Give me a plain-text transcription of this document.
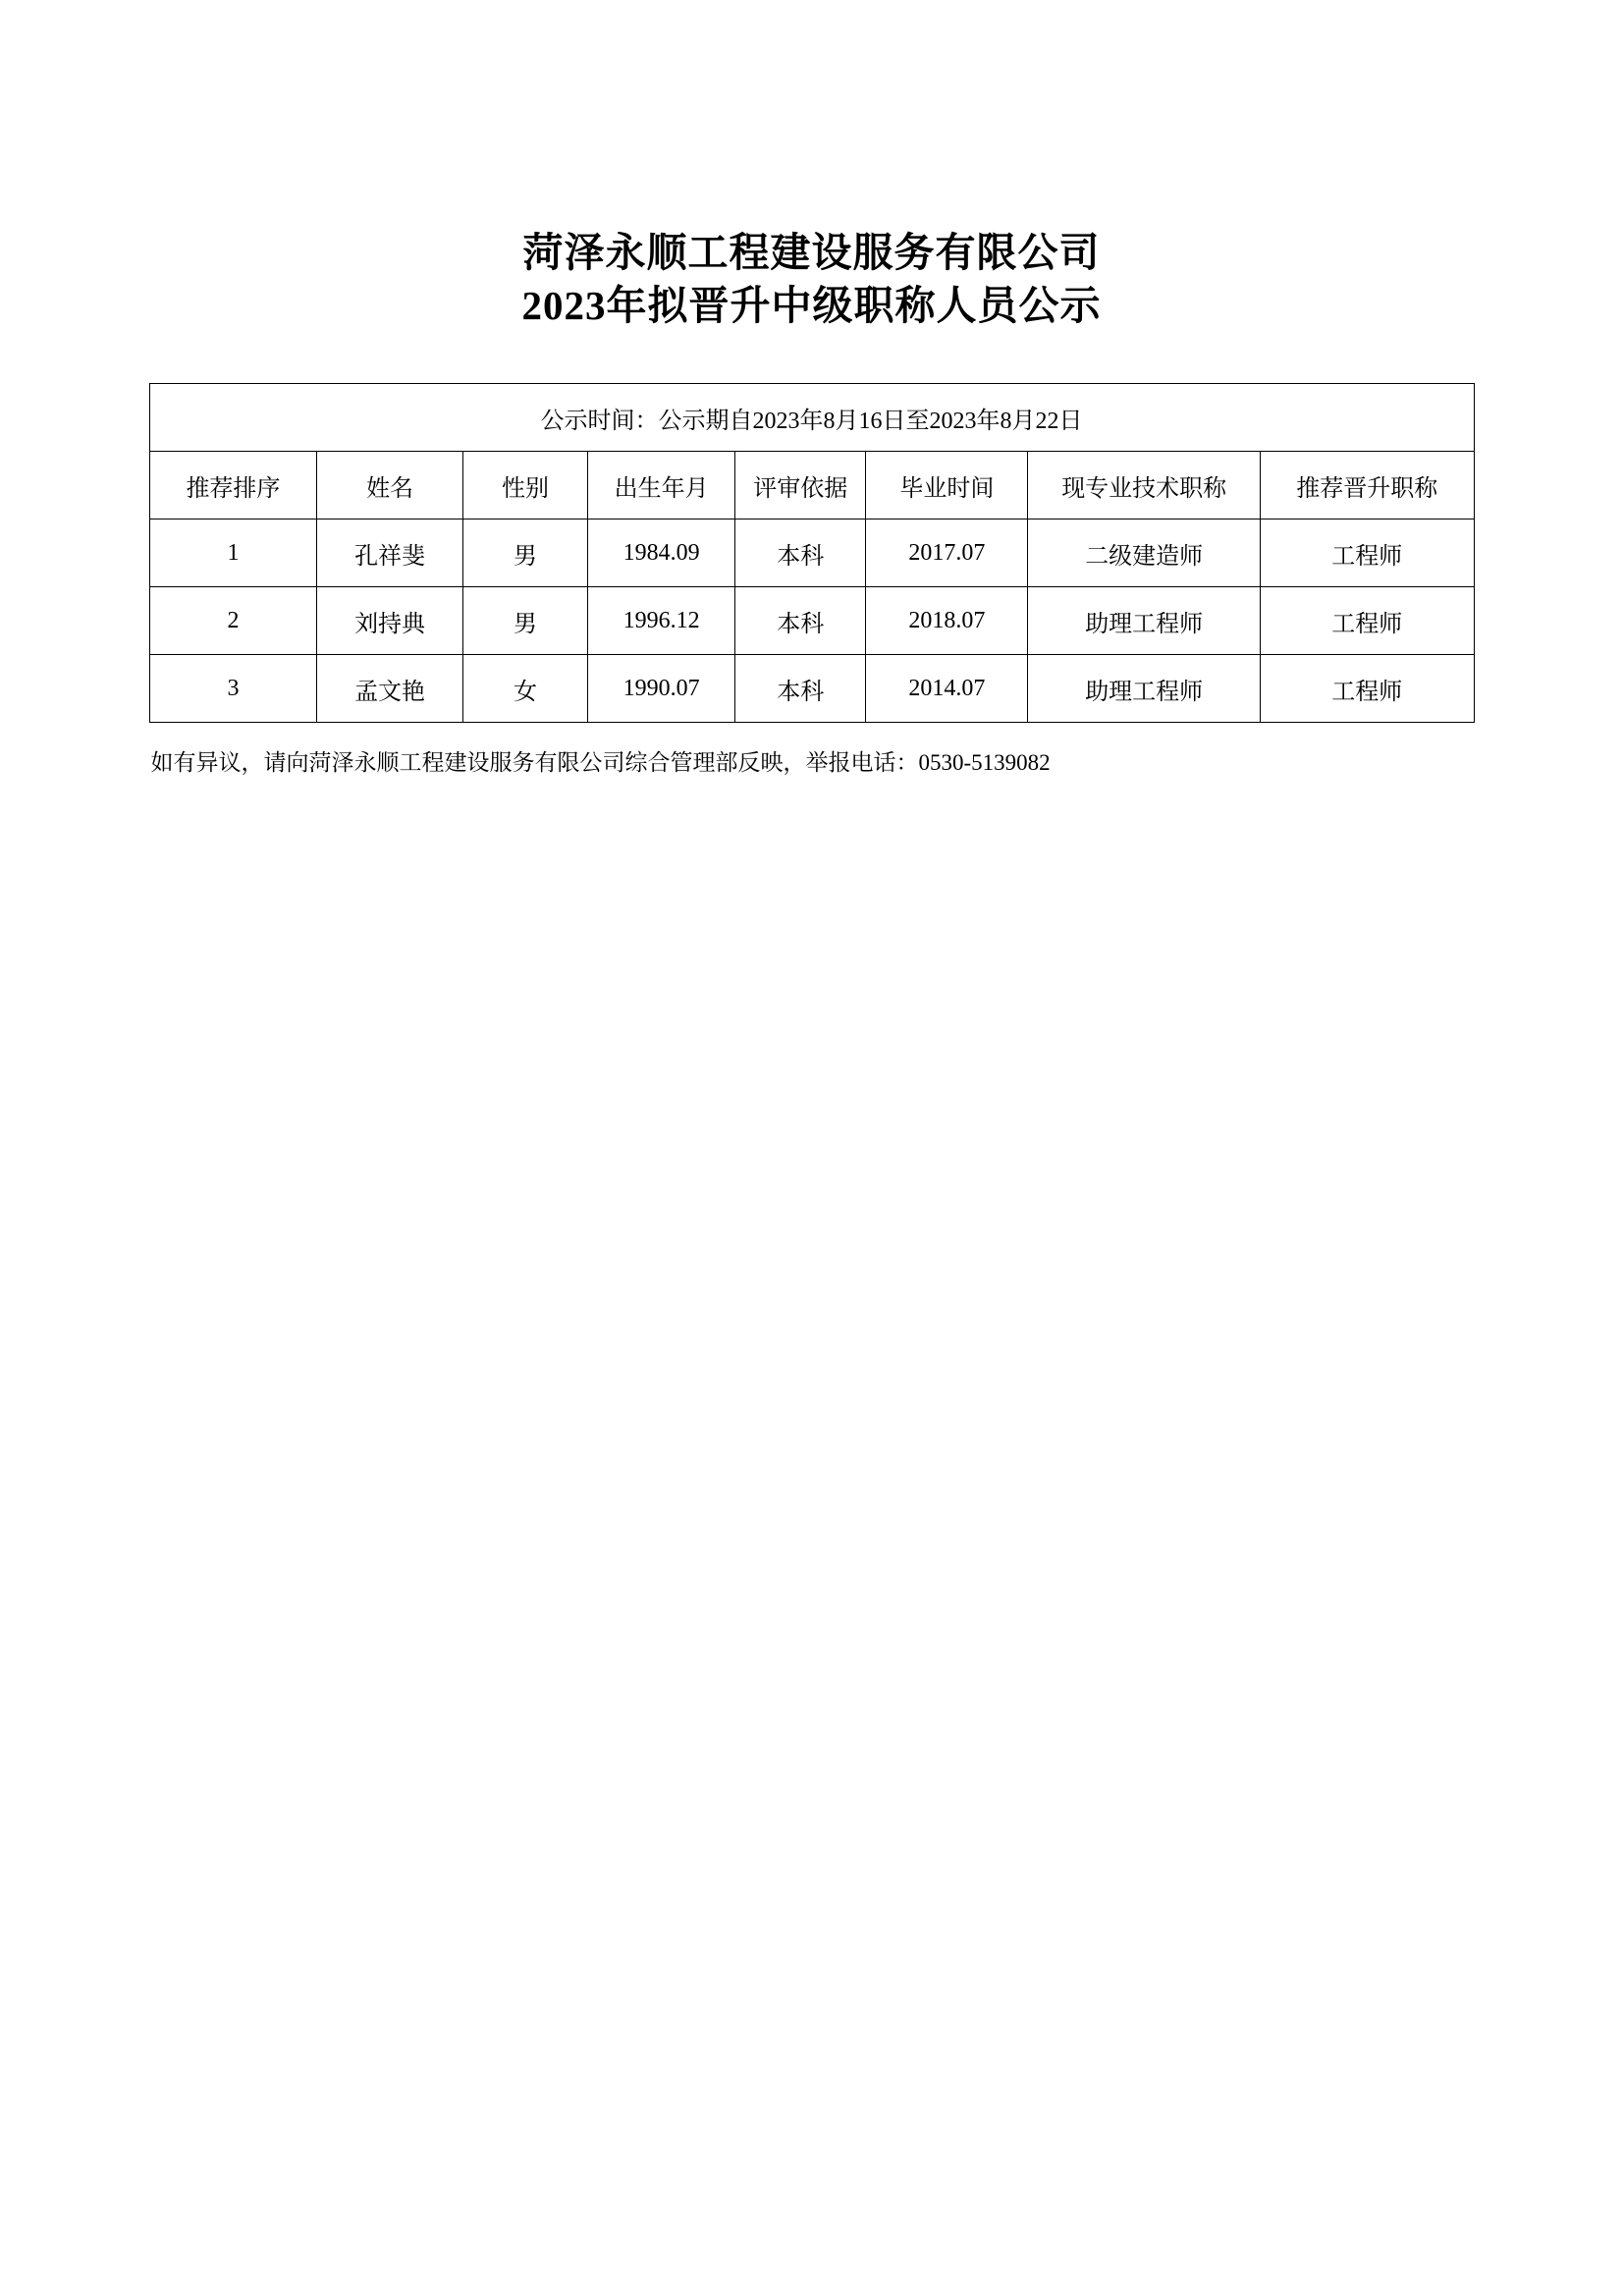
菏泽永顺工程建设服务有限公司
2023年拟晋升中级职称人员公示
公示时间：公示期自2023年8月16日至2023年8月22日							
推荐排序	姓名	性别	出生年月	评审依据	毕业时间	现专业技术职称	推荐晋升职称
1	孔祥斐	男	1984.09	本科	2017.07	二级建造师	工程师
2	刘持典	男	1996.12	本科	2018.07	助理工程师	工程师
3	孟文艳	女	1990.07	本科	2014.07	助理工程师	工程师
如有异议，请向菏泽永顺工程建设服务有限公司综合管理部反映，举报电话：0530-5139082
